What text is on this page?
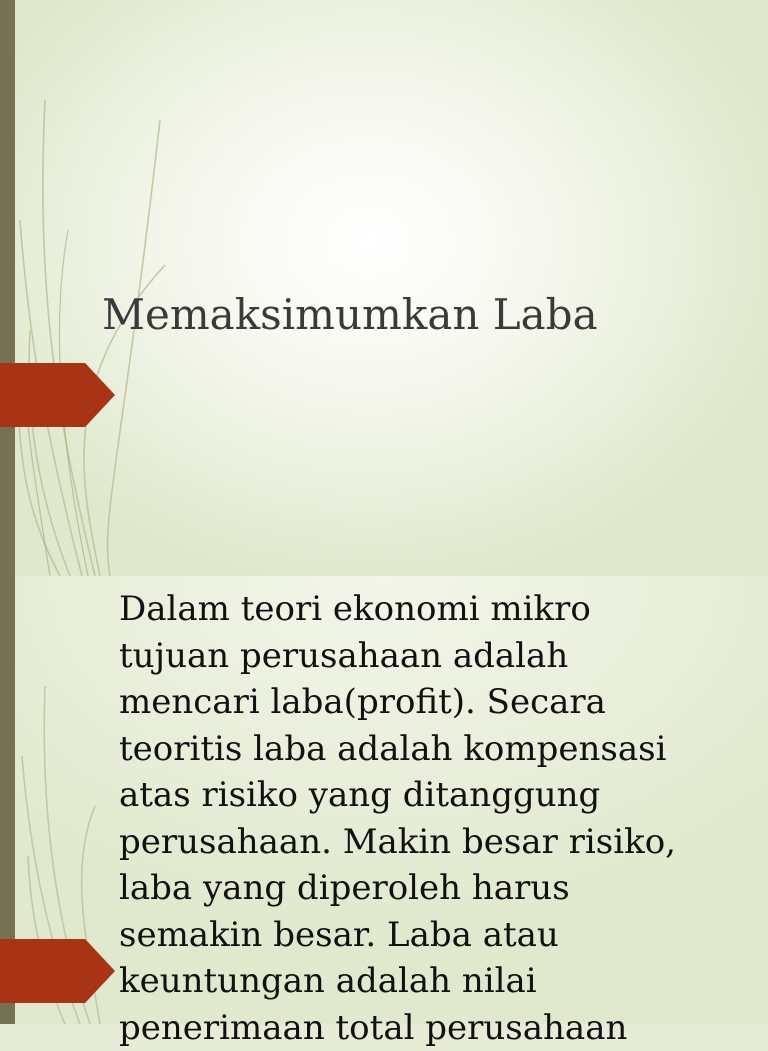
Memaksimumkan Laba

Dalam teori ekonomi mikro

tujuan perusahaan adalah

mencari laba(profit). Secara

teoritis laba adalah kompensasi

atas risiko yang ditanggung

perusahaan. Makin besar risiko,

laba yang diperoleh harus

semakin besar. Laba atau

keuntungan adalah nilai

penerimaan total perusahaan
